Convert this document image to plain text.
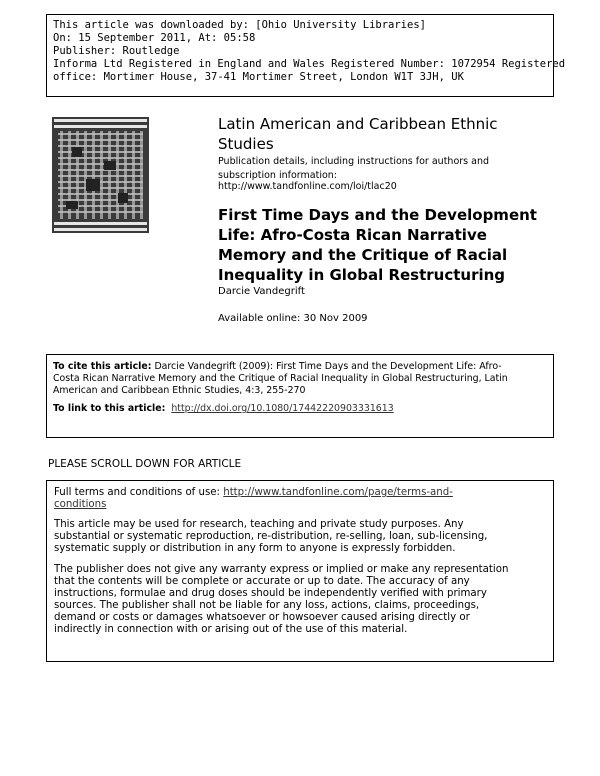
This article was downloaded by: [Ohio University Libraries]
On: 15 September 2011, At: 05:58
Publisher: Routledge
Informa Ltd Registered in England and Wales Registered Number: 1072954 Registered
office: Mortimer House, 37-41 Mortimer Street, London W1T 3JH, UK
Latin American and Caribbean Ethnic
Studies
Publication details, including instructions for authors and
subscription information:
http://www.tandfonline.com/loi/tlac20
First Time Days and the Development
Life: Afro-Costa Rican Narrative
Memory and the Critique of Racial
Inequality in Global Restructuring
Darcie Vandegrift
Available online: 30 Nov 2009
To cite this article: Darcie Vandegrift (2009): First Time Days and the Development Life: Afro-
Costa Rican Narrative Memory and the Critique of Racial Inequality in Global Restructuring, Latin
American and Caribbean Ethnic Studies, 4:3, 255-270
To link to this article: http://dx.doi.org/10.1080/17442220903331613
PLEASE SCROLL DOWN FOR ARTICLE

Full terms and conditions of use: http://www.tandfonline.com/page/terms-and-
conditions

This article may be used for research, teaching and private study purposes. Any
substantial or systematic reproduction, re-distribution, re-selling, loan, sub-licensing,
systematic supply or distribution in any form to anyone is expressly forbidden.

The publisher does not give any warranty express or implied or make any representation
that the contents will be complete or accurate or up to date. The accuracy of any
instructions, formulae and drug doses should be independently verified with primary
sources. The publisher shall not be liable for any loss, actions, claims, proceedings,
demand or costs or damages whatsoever or howsoever caused arising directly or
indirectly in connection with or arising out of the use of this material.
